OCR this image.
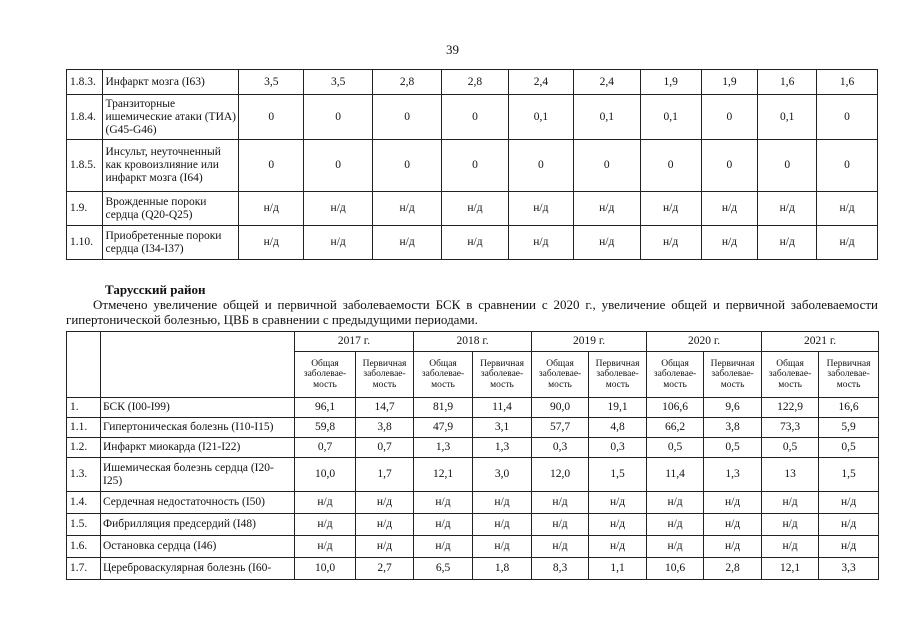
39
1.8.3.	Инфаркт мозга (I63)	3,5	3,5	2,8	2,8	2,4	2,4	1,9	1,9	1,6	1,6
1.8.4.	Транзиторные ишемические атаки (ТИА) (G45-G46)	0	0	0	0	0,1	0,1	0,1	0	0,1	0
1.8.5.	Инсульт, неуточненный как кровоизлияние или инфаркт мозга (I64)	0	0	0	0	0	0	0	0	0	0
1.9.	Врожденные пороки сердца (Q20-Q25)	н/д	н/д	н/д	н/д	н/д	н/д	н/д	н/д	н/д	н/д
1.10.	Приобретенные пороки сердца (I34-I37)	н/д	н/д	н/д	н/д	н/д	н/д	н/д	н/д	н/д	н/д
Тарусский район
Отмечено увеличение общей и первичной заболеваемости БСК в сравнении с 2020 г., увеличение общей и первичной заболеваемости гипертонической болезнью, ЦВБ в сравнении с предыдущими периодами.
		2017 г.		2018 г.		2019 г.		2020 г.		2021 г.	
		Общая заболевае-мость	Первичная заболевае-мость	Общая заболевае-мость	Первичная заболевае-мость	Общая заболевае-мость	Первичная заболевае-мость	Общая заболевае-мость	Первичная заболевае-мость	Общая заболевае-мость	Первичная заболевае-мость
1.	БСК (I00-I99)	96,1	14,7	81,9	11,4	90,0	19,1	106,6	9,6	122,9	16,6
1.1.	Гипертоническая болезнь (I10-I15)	59,8	3,8	47,9	3,1	57,7	4,8	66,2	3,8	73,3	5,9
1.2.	Инфаркт миокарда (I21-I22)	0,7	0,7	1,3	1,3	0,3	0,3	0,5	0,5	0,5	0,5
1.3.	Ишемическая болезнь сердца (I20-I25)	10,0	1,7	12,1	3,0	12,0	1,5	11,4	1,3	13	1,5
1.4.	Сердечная недостаточность (I50)	н/д	н/д	н/д	н/д	н/д	н/д	н/д	н/д	н/д	н/д
1.5.	Фибрилляция предсердий (I48)	н/д	н/д	н/д	н/д	н/д	н/д	н/д	н/д	н/д	н/д
1.6.	Остановка сердца (I46)	н/д	н/д	н/д	н/д	н/д	н/д	н/д	н/д	н/д	н/д
1.7.	Цереброваскулярная болезнь (I60-	10,0	2,7	6,5	1,8	8,3	1,1	10,6	2,8	12,1	3,3
